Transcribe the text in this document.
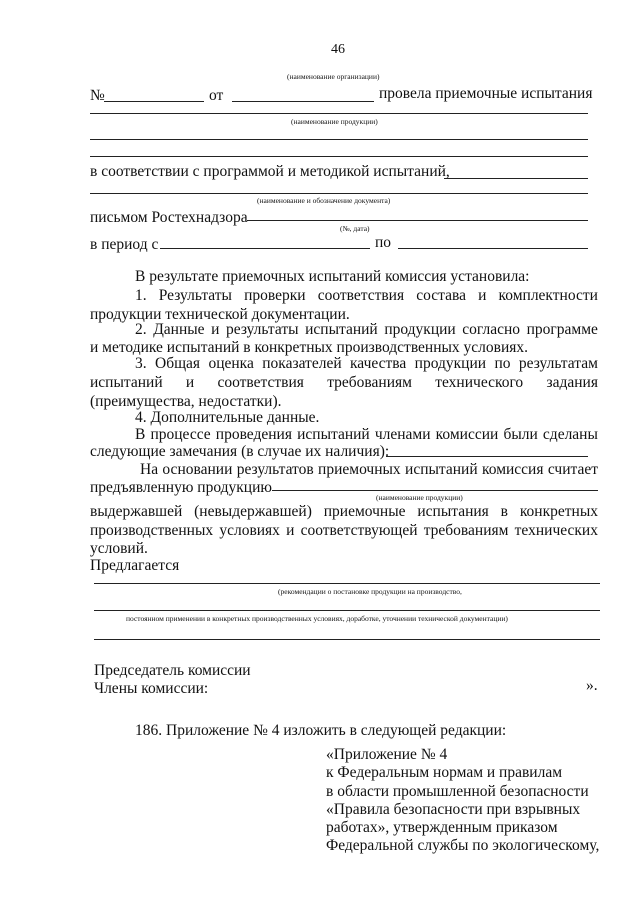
46
(наименование организации)
№	от	провела приемочные испытания
(наименование продукции)
в соответствии с программой и методикой испытаний,
(наименование и обозначение документа)
письмом Ростехнадзора
(№, дата)
в период с	по
В результате приемочных испытаний комиссия установила:
1. Результаты проверки соответствия состава и комплектности
продукции технической документации.
2. Данные и результаты испытаний продукции согласно программе
и методике испытаний в конкретных производственных условиях.
3. Общая оценка показателей качества продукции по результатам
испытаний и соответствия требованиям технического задания
(преимущества, недостатки).
4. Дополнительные данные.
В процессе проведения испытаний членами комиссии были сделаны
следующие замечания (в случае их наличия):
На основании результатов приемочных испытаний комиссия считает
предъявленную продукцию
(наименование продукции)
выдержавшей (невыдержавшей) приемочные испытания в конкретных
производственных условиях и соответствующей требованиям технических
условий.
Предлагается
(рекомендации о постановке продукции на производство,
постоянном применении в конкретных производственных условиях, доработке, уточнении технической документации)
Председатель комиссии
Члены комиссии:	».
186. Приложение № 4 изложить в следующей редакции:
«Приложение № 4
к Федеральным нормам и правилам
в области промышленной безопасности
«Правила безопасности при взрывных
работах», утвержденным приказом
Федеральной службы по экологическому,
